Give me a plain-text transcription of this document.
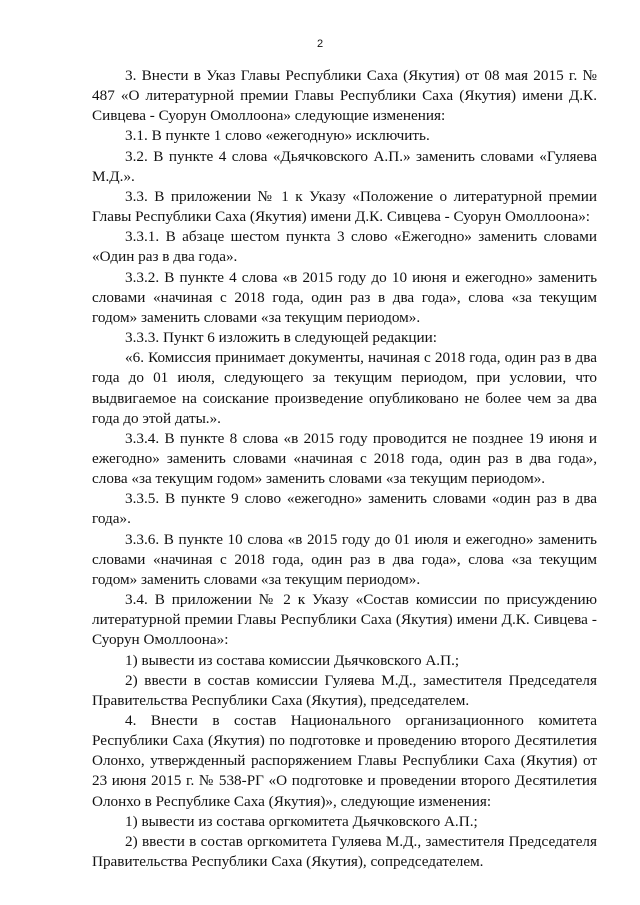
2

3. Внести в Указ Главы Республики Саха (Якутия) от 08 мая 2015 г. № 487 «О литературной премии Главы Республики Саха (Якутия) имени Д.К. Сивцева - Суорун Омоллоона» следующие изменения:

3.1. В пункте 1 слово «ежегодную» исключить.

3.2. В пункте 4 слова «Дьячковского А.П.» заменить словами «Гуляева М.Д.».

3.3. В приложении № 1 к Указу «Положение о литературной премии Главы Республики Саха (Якутия) имени Д.К. Сивцева - Суорун Омоллоона»:

3.3.1. В абзаце шестом пункта 3 слово «Ежегодно» заменить словами «Один раз в два года».

3.3.2. В пункте 4 слова «в 2015 году до 10 июня и ежегодно» заменить словами «начиная с 2018 года, один раз в два года», слова «за текущим годом» заменить словами «за текущим периодом».

3.3.3. Пункт 6 изложить в следующей редакции:

«6. Комиссия принимает документы, начиная с 2018 года, один раз в два года до 01 июля, следующего за текущим периодом, при условии, что выдвигаемое на соискание произведение опубликовано не более чем за два года до этой даты.».

3.3.4. В пункте 8 слова «в 2015 году проводится не позднее 19 июня и ежегодно» заменить словами «начиная с 2018 года, один раз в два года», слова «за текущим годом» заменить словами «за текущим периодом».

3.3.5. В пункте 9 слово «ежегодно» заменить словами «один раз в два года».

3.3.6. В пункте 10 слова «в 2015 году до 01 июля и ежегодно» заменить словами «начиная с 2018 года, один раз в два года», слова «за текущим годом» заменить словами «за текущим периодом».

3.4. В приложении № 2 к Указу «Состав комиссии по присуждению литературной премии Главы Республики Саха (Якутия) имени Д.К. Сивцева - Суорун Омоллоона»:

1) вывести из состава комиссии Дьячковского А.П.;

2) ввести в состав комиссии Гуляева М.Д., заместителя Председателя Правительства Республики Саха (Якутия), председателем.

4. Внести в состав Национального организационного комитета Республики Саха (Якутия) по подготовке и проведению второго Десятилетия Олонхо, утвержденный распоряжением Главы Республики Саха (Якутия) от 23 июня 2015 г. № 538-РГ «О подготовке и проведении второго Десятилетия Олонхо в Республике Саха (Якутия)», следующие изменения:

1) вывести из состава оргкомитета Дьячковского А.П.;

2) ввести в состав оргкомитета Гуляева М.Д., заместителя Председателя Правительства Республики Саха (Якутия), сопредседателем.
